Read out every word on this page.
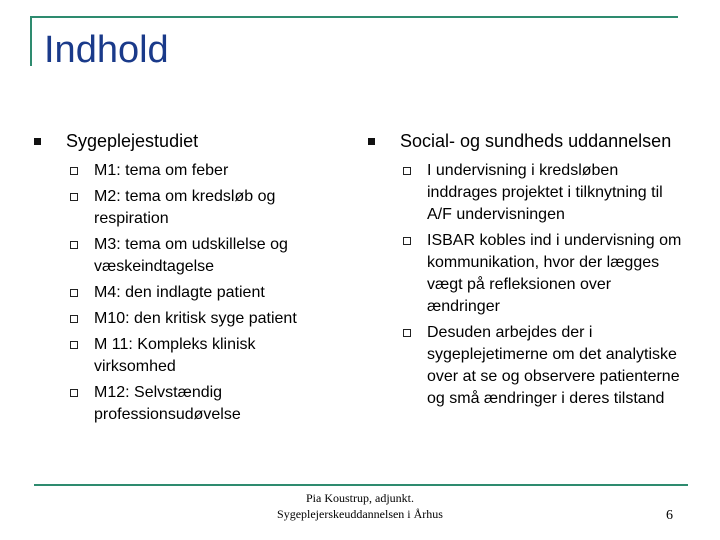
Indhold
Sygeplejestudiet
M1: tema om feber
M2: tema om kredsløb og respiration
M3: tema om udskillelse og væskeindtagelse
M4: den indlagte patient
M10: den kritisk syge patient
M 11: Kompleks klinisk virksomhed
M12: Selvstændig professionsudøvelse
Social- og sundheds uddannelsen
I undervisning i kredsløben inddrages projektet i tilknytning til A/F undervisningen
ISBAR kobles ind i undervisning om kommunikation, hvor der lægges vægt på refleksionen over ændringer
Desuden arbejdes der i sygeplejetimerne om det analytiske over at se og observere patienterne og små ændringer i deres tilstand
Pia Koustrup, adjunkt.
Sygeplejerskeuddannelsen i Århus	6
